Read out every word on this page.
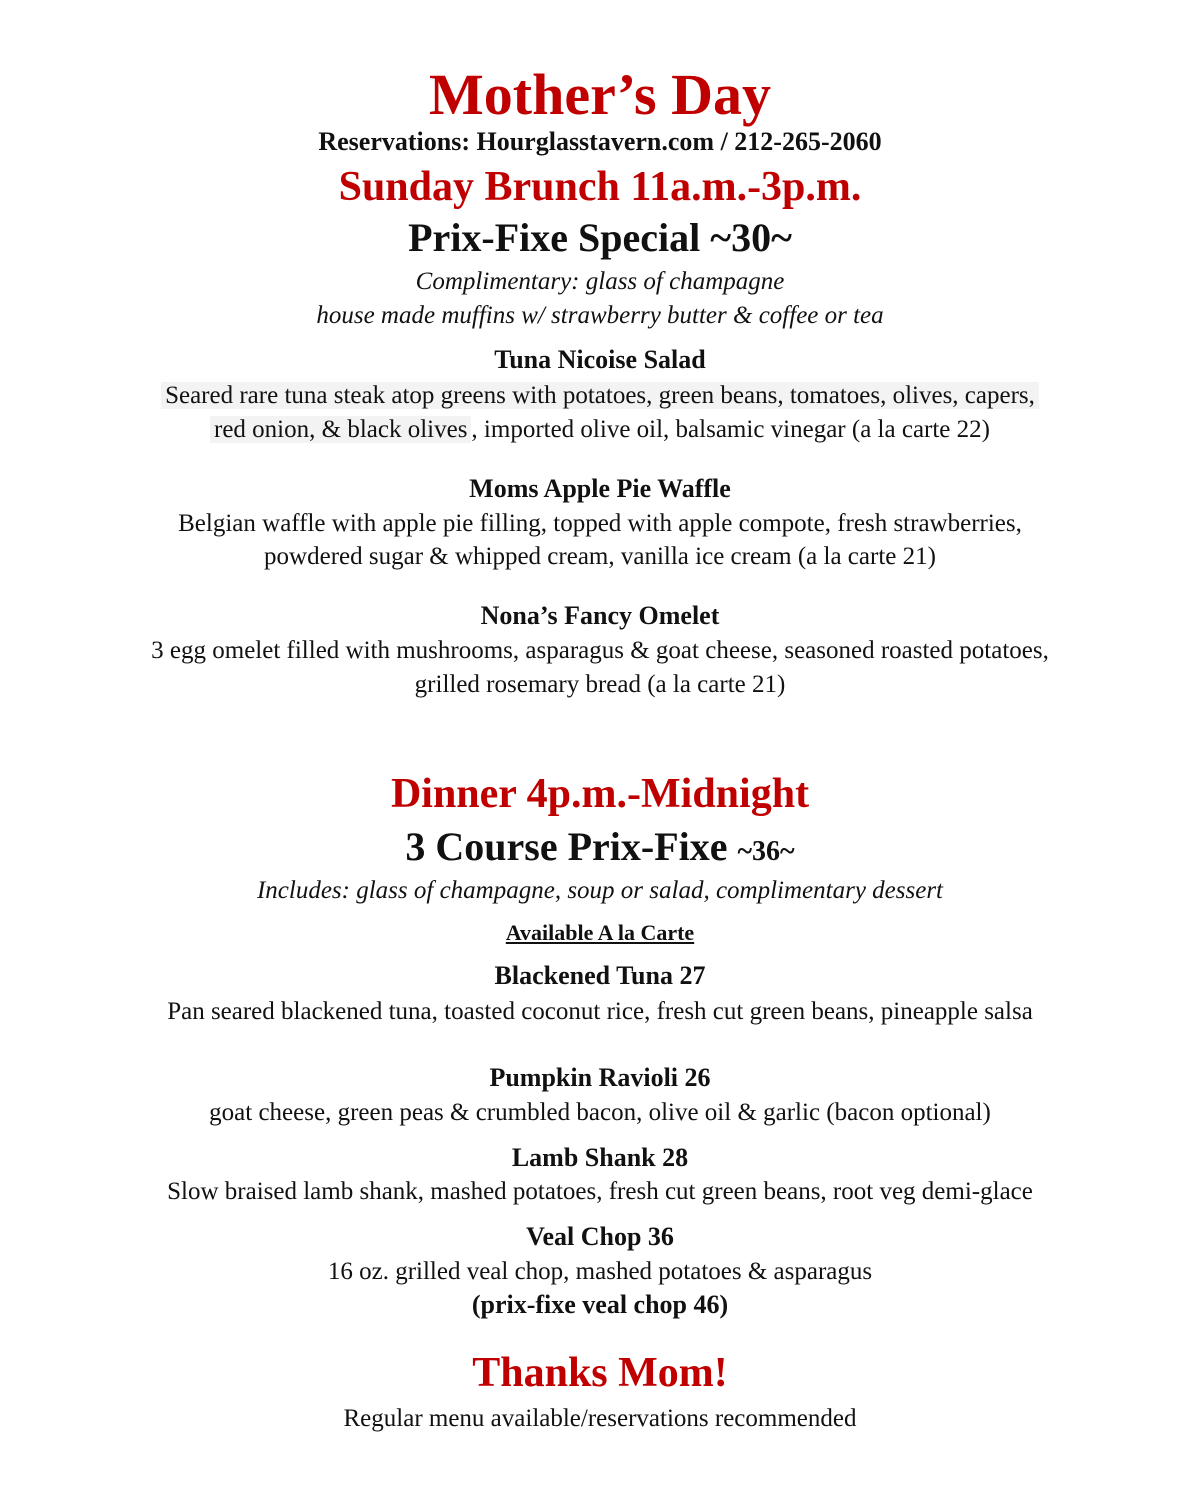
Mother’s Day

Reservations: Hourglasstavern.com / 212-265-2060

Sunday Brunch 11a.m.-3p.m.
Prix-Fixe Special ~30~

Complimentary: glass of champagne

house made muffins w/ strawberry butter & coffee or tea

Tuna Nicoise Salad

Seared rare tuna steak atop greens with potatoes, green beans, tomatoes, olives, capers,

red onion, & black olives , imported olive oil, balsamic vinegar (a la carte 22)

Moms Apple Pie Waffle

Belgian waffle with apple pie filling, topped with apple compote, fresh strawberries,

powdered sugar & whipped cream, vanilla ice cream (a la carte 21)

Nona’s Fancy Omelet

3 egg omelet filled with mushrooms, asparagus & goat cheese, seasoned roasted potatoes,

grilled rosemary bread (a la carte 21)

Dinner 4p.m.-Midnight
3 Course Prix-Fixe ~36~

Includes: glass of champagne, soup or salad, complimentary dessert

Available A la Carte

Blackened Tuna 27

Pan seared blackened tuna, toasted coconut rice, fresh cut green beans, pineapple salsa

Pumpkin Ravioli 26

goat cheese, green peas & crumbled bacon, olive oil & garlic (bacon optional)

Lamb Shank 28

Slow braised lamb shank, mashed potatoes, fresh cut green beans, root veg demi-glace

Veal Chop 36

16 oz. grilled veal chop, mashed potatoes & asparagus

(prix-fixe veal chop 46)

Thanks Mom!

Regular menu available/reservations recommended
